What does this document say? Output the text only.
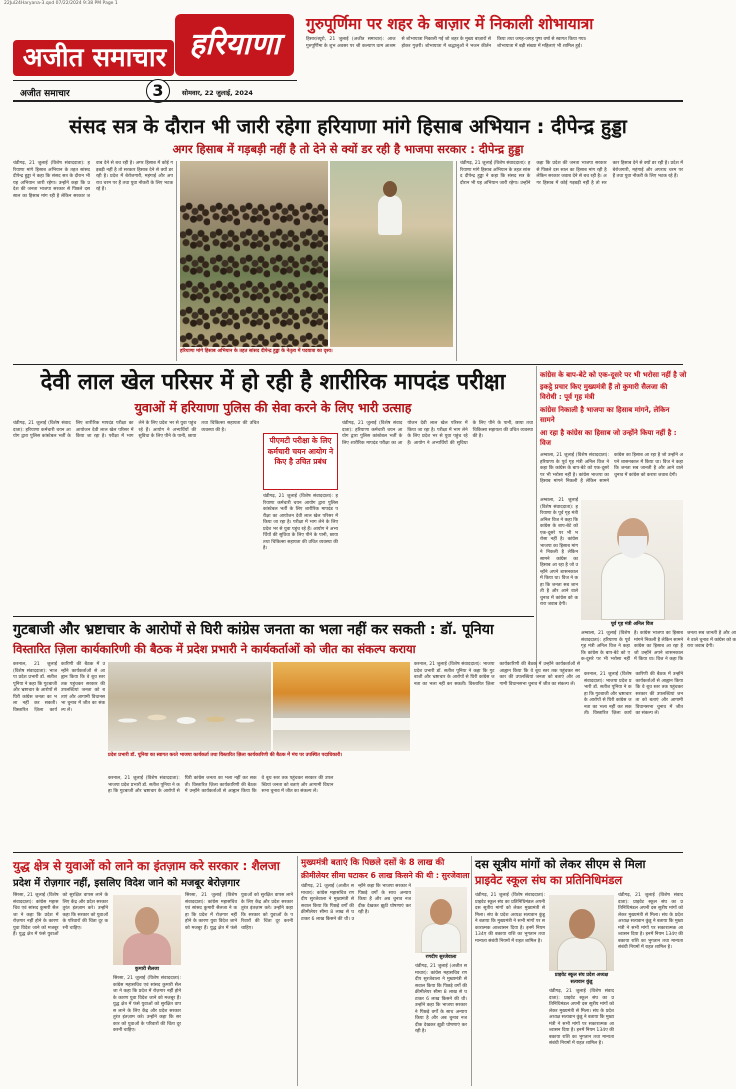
22Jul24Haryana-3.qxd 07/22/2024 9:38 PM Page 1
अजीत समाचार हरियाणा
गुरुपूर्णिमा पर शहर के बाज़ार में निकाली शोभायात्रा
हिसार/ब्यूरो, 21 जुलाई (अजीत समाचार): आज गुरुपूर्णिमा के शुभ अवसर पर श्री कल्याण धाम आश्रम से शोभायात्रा निकाली गई जो शहर के मुख्य बाज़ारों से होकर गुज़री। शोभायात्रा में श्रद्धालुओं ने भजन कीर्तन किया तथा जगह-जगह पुष्प वर्षा से स्वागत किया गया। शोभायात्रा में बड़ी संख्या में महिलाएं भी शामिल हुईं।
अजीत समाचार	3	सोमवार, 22 जुलाई, 2024
संसद सत्र के दौरान भी जारी रहेगा हरियाणा मांगे हिसाब अभियान : दीपेन्द्र हुड्डा
अगर हिसाब में गड़बड़ी नहीं है तो देने से क्यों डर रही है भाजपा सरकार : दीपेन्द्र हुड्डा
चंडीगढ़, 21 जुलाई (विशेष संवाददाता): हरियाणा मांगे हिसाब अभियान के तहत सांसद दीपेन्द्र हुड्डा ने कहा कि संसद सत्र के दौरान भी यह अभियान जारी रहेगा। उन्होंने कहा कि प्रदेश की जनता भाजपा सरकार से पिछले दस साल का हिसाब मांग रही है लेकिन सरकार जवाब देने से बच रही है। अगर हिसाब में कोई गड़बड़ी नहीं है तो सरकार हिसाब देने से क्यों डर रही है। प्रदेश में बेरोजगारी, महंगाई और अपराध चरम पर हैं तथा युवा नौकरी के लिए भटक रहे हैं।
हरियाणा मांगे हिसाब अभियान के तहत सांसद दीपेन्द्र हुड्डा के नेतृत्व में पदयात्रा का दृश्य।
चंडीगढ़, 21 जुलाई (विशेष संवाददाता): हरियाणा मांगे हिसाब अभियान के तहत सांसद दीपेन्द्र हुड्डा ने कहा कि संसद सत्र के दौरान भी यह अभियान जारी रहेगा। उन्होंने कहा कि प्रदेश की जनता भाजपा सरकार से पिछले दस साल का हिसाब मांग रही है लेकिन सरकार जवाब देने से बच रही है। अगर हिसाब में कोई गड़बड़ी नहीं है तो सरकार हिसाब देने से क्यों डर रही है। प्रदेश में बेरोजगारी, महंगाई और अपराध चरम पर हैं तथा युवा नौकरी के लिए भटक रहे हैं।
देवी लाल खेल परिसर में हो रही है शारीरिक मापदंड परीक्षा
युवाओं में हरियाणा पुलिस की सेवा करने के लिए भारी उत्साह
चंडीगढ़, 21 जुलाई (विशेष संवाददाता): हरियाणा कर्मचारी चयन आयोग द्वारा पुलिस कांस्टेबल भर्ती के लिए शारीरिक मापदंड परीक्षा का आयोजन देवी लाल खेल परिसर में किया जा रहा है। परीक्षा में भाग लेने के लिए प्रदेश भर से युवा पहुंच रहे हैं। आयोग ने अभ्यर्थियों की सुविधा के लिए पीने के पानी, छाया तथा चिकित्सा सहायता की उचित व्यवस्था की है।
पीएमटी परीक्षा के लिए कर्मचारी चयन आयोग ने किए है उचित प्रबंध
चंडीगढ़, 21 जुलाई (विशेष संवाददाता): हरियाणा कर्मचारी चयन आयोग द्वारा पुलिस कांस्टेबल भर्ती के लिए शारीरिक मापदंड परीक्षा का आयोजन देवी लाल खेल परिसर में किया जा रहा है। परीक्षा में भाग लेने के लिए प्रदेश भर से युवा पहुंच रहे हैं। आयोग ने अभ्यर्थियों की सुविधा के लिए पीने के पानी, छाया तथा चिकित्सा सहायता की उचित व्यवस्था की है।
चंडीगढ़, 21 जुलाई (विशेष संवाददाता): हरियाणा कर्मचारी चयन आयोग द्वारा पुलिस कांस्टेबल भर्ती के लिए शारीरिक मापदंड परीक्षा का आयोजन देवी लाल खेल परिसर में किया जा रहा है। परीक्षा में भाग लेने के लिए प्रदेश भर से युवा पहुंच रहे हैं। आयोग ने अभ्यर्थियों की सुविधा के लिए पीने के पानी, छाया तथा चिकित्सा सहायता की उचित व्यवस्था की है।
कांग्रेस के बाप-बेटे को एक-दूसरे पर भी भरोसा नहीं है जो
इकट्ठे प्रचार किए मुख्यमंत्री हैं तो कुमारी सैलजा की विरोधी : पूर्व गृह मंत्री
कांग्रेस निकाली है भाजपा का हिसाब मांगने, लेकिन सामने
आ रहा है कांग्रेस का हिसाब जो उन्होंने किया नहीं है : विज
अम्बाला, 21 जुलाई (विशेष संवाददाता): हरियाणा के पूर्व गृह मंत्री अनिल विज ने कहा कि कांग्रेस के बाप-बेटे को एक-दूसरे पर भी भरोसा नहीं है। कांग्रेस भाजपा का हिसाब मांगने निकली है लेकिन सामने कांग्रेस का हिसाब आ रहा है जो उन्होंने अपने शासनकाल में किया था। विज ने कहा कि जनता सब जानती है और आने वाले चुनाव में कांग्रेस को करारा जवाब देगी।
अम्बाला, 21 जुलाई (विशेष संवाददाता): हरियाणा के पूर्व गृह मंत्री अनिल विज ने कहा कि कांग्रेस के बाप-बेटे को एक-दूसरे पर भी भरोसा नहीं है। कांग्रेस भाजपा का हिसाब मांगने निकली है लेकिन सामने कांग्रेस का हिसाब आ रहा है जो उन्होंने अपने शासनकाल में किया था। विज ने कहा कि जनता सब जानती है और आने वाले चुनाव में कांग्रेस को करारा जवाब देगी।
पूर्व गृह मंत्री अनिल विज
अम्बाला, 21 जुलाई (विशेष संवाददाता): हरियाणा के पूर्व गृह मंत्री अनिल विज ने कहा कि कांग्रेस के बाप-बेटे को एक-दूसरे पर भी भरोसा नहीं है। कांग्रेस भाजपा का हिसाब मांगने निकली है लेकिन सामने कांग्रेस का हिसाब आ रहा है जो उन्होंने अपने शासनकाल में किया था। विज ने कहा कि जनता सब जानती है और आने वाले चुनाव में कांग्रेस को करारा जवाब देगी।
गुटबाजी और भ्रष्टाचार के आरोपों से घिरी कांग्रेस जनता का भला नहीं कर सकती : डॉ. पूनिया
विस्तारित ज़िला कार्यकारिणी की बैठक में प्रदेश प्रभारी ने कार्यकर्ताओं को जीत का संकल्प कराया
करनाल, 21 जुलाई (विशेष संवाददाता): भाजपा प्रदेश प्रभारी डॉ. सतीश पूनिया ने कहा कि गुटबाजी और भ्रष्टाचार के आरोपों से घिरी कांग्रेस जनता का भला नहीं कर सकती। विस्तारित ज़िला कार्यकारिणी की बैठक में उन्होंने कार्यकर्ताओं से आह्वान किया कि वे बूथ स्तर तक पहुंचकर सरकार की उपलब्धियां जनता को बताएं और आगामी विधानसभा चुनाव में जीत का संकल्प लें।
प्रदेश प्रभारी डॉ. पूनिया का स्वागत करते भाजपा कार्यकर्ता तथा विस्तारित ज़िला कार्यकारिणी की बैठक में मंच पर उपस्थित पदाधिकारी।
करनाल, 21 जुलाई (विशेष संवाददाता): भाजपा प्रदेश प्रभारी डॉ. सतीश पूनिया ने कहा कि गुटबाजी और भ्रष्टाचार के आरोपों से घिरी कांग्रेस जनता का भला नहीं कर सकती। विस्तारित ज़िला कार्यकारिणी की बैठक में उन्होंने कार्यकर्ताओं से आह्वान किया कि वे बूथ स्तर तक पहुंचकर सरकार की उपलब्धियां जनता को बताएं और आगामी विधानसभा चुनाव में जीत का संकल्प लें।
करनाल, 21 जुलाई (विशेष संवाददाता): भाजपा प्रदेश प्रभारी डॉ. सतीश पूनिया ने कहा कि गुटबाजी और भ्रष्टाचार के आरोपों से घिरी कांग्रेस जनता का भला नहीं कर सकती। विस्तारित ज़िला कार्यकारिणी की बैठक में उन्होंने कार्यकर्ताओं से आह्वान किया कि वे बूथ स्तर तक पहुंचकर सरकार की उपलब्धियां जनता को बताएं और आगामी विधानसभा चुनाव में जीत का संकल्प लें।
करनाल, 21 जुलाई (विशेष संवाददाता): भाजपा प्रदेश प्रभारी डॉ. सतीश पूनिया ने कहा कि गुटबाजी और भ्रष्टाचार के आरोपों से घिरी कांग्रेस जनता का भला नहीं कर सकती। विस्तारित ज़िला कार्यकारिणी की बैठक में उन्होंने कार्यकर्ताओं से आह्वान किया कि वे बूथ स्तर तक पहुंचकर सरकार की उपलब्धियां जनता को बताएं और आगामी विधानसभा चुनाव में जीत का संकल्प लें।
युद्ध क्षेत्र से युवाओं को लाने का इंतज़ाम करे सरकार : शैलजा
प्रदेश में रोज़गार नहीं, इसलिए विदेश जाने को मजबूर बेरोज़गार
सिरसा, 21 जुलाई (विशेष संवाददाता): कांग्रेस महासचिव एवं सांसद कुमारी सैलजा ने कहा कि प्रदेश में रोज़गार नहीं होने के कारण युवा विदेश जाने को मजबूर हैं। युद्ध क्षेत्र में फंसे युवाओं को सुरक्षित वापस लाने के लिए केंद्र और प्रदेश सरकार तुरंत इंतज़ाम करे। उन्होंने कहा कि सरकार को युवाओं के परिवारों की चिंता दूर करनी चाहिए।
कुमारी सैलजा
सिरसा, 21 जुलाई (विशेष संवाददाता): कांग्रेस महासचिव एवं सांसद कुमारी सैलजा ने कहा कि प्रदेश में रोज़गार नहीं होने के कारण युवा विदेश जाने को मजबूर हैं। युद्ध क्षेत्र में फंसे युवाओं को सुरक्षित वापस लाने के लिए केंद्र और प्रदेश सरकार तुरंत इंतज़ाम करे। उन्होंने कहा कि सरकार को युवाओं के परिवारों की चिंता दूर करनी चाहिए।
सिरसा, 21 जुलाई (विशेष संवाददाता): कांग्रेस महासचिव एवं सांसद कुमारी सैलजा ने कहा कि प्रदेश में रोज़गार नहीं होने के कारण युवा विदेश जाने को मजबूर हैं। युद्ध क्षेत्र में फंसे युवाओं को सुरक्षित वापस लाने के लिए केंद्र और प्रदेश सरकार तुरंत इंतज़ाम करे। उन्होंने कहा कि सरकार को युवाओं के परिवारों की चिंता दूर करनी चाहिए।
मुख्यमंत्री बताएं कि पिछले दसों के 8 लाख की
क्रीमीलेयर सीमा घटाकर 6 लाख किसने की थी : सुरजेवाला
चंडीगढ़, 21 जुलाई (अजीत समाचार): कांग्रेस महासचिव रणदीप सुरजेवाला ने मुख्यमंत्री से सवाल किया कि पिछड़े वर्गों की क्रीमीलेयर सीमा 8 लाख से घटाकर 6 लाख किसने की थी। उन्होंने कहा कि भाजपा सरकार ने पिछड़े वर्गों के साथ अन्याय किया है और अब चुनाव नजदीक देखकर झूठी घोषणाएं कर रही है।
रणदीप सुरजेवाला
चंडीगढ़, 21 जुलाई (अजीत समाचार): कांग्रेस महासचिव रणदीप सुरजेवाला ने मुख्यमंत्री से सवाल किया कि पिछड़े वर्गों की क्रीमीलेयर सीमा 8 लाख से घटाकर 6 लाख किसने की थी। उन्होंने कहा कि भाजपा सरकार ने पिछड़े वर्गों के साथ अन्याय किया है और अब चुनाव नजदीक देखकर झूठी घोषणाएं कर रही है।
दस सूत्रीय मांगों को लेकर सीएम से मिला
प्राइवेट स्कूल संघ का प्रतिनिधिमंडल
चंडीगढ़, 21 जुलाई (विशेष संवाददाता): प्राइवेट स्कूल संघ का प्रतिनिधिमंडल अपनी दस सूत्रीय मांगों को लेकर मुख्यमंत्री से मिला। संघ के प्रदेश अध्यक्ष सत्यवान कुंडू ने बताया कि मुख्यमंत्री ने सभी मांगों पर सकारात्मक आश्वासन दिया है। इनमें नियम 134ए की बकाया राशि का भुगतान तथा मान्यता संबंधी नियमों में राहत शामिल है।
प्राइवेट स्कूल संघ प्रदेश अध्यक्ष सत्यवान कुंडू
चंडीगढ़, 21 जुलाई (विशेष संवाददाता): प्राइवेट स्कूल संघ का प्रतिनिधिमंडल अपनी दस सूत्रीय मांगों को लेकर मुख्यमंत्री से मिला। संघ के प्रदेश अध्यक्ष सत्यवान कुंडू ने बताया कि मुख्यमंत्री ने सभी मांगों पर सकारात्मक आश्वासन दिया है। इनमें नियम 134ए की बकाया राशि का भुगतान तथा मान्यता संबंधी नियमों में राहत शामिल है।
चंडीगढ़, 21 जुलाई (विशेष संवाददाता): प्राइवेट स्कूल संघ का प्रतिनिधिमंडल अपनी दस सूत्रीय मांगों को लेकर मुख्यमंत्री से मिला। संघ के प्रदेश अध्यक्ष सत्यवान कुंडू ने बताया कि मुख्यमंत्री ने सभी मांगों पर सकारात्मक आश्वासन दिया है। इनमें नियम 134ए की बकाया राशि का भुगतान तथा मान्यता संबंधी नियमों में राहत शामिल है।
